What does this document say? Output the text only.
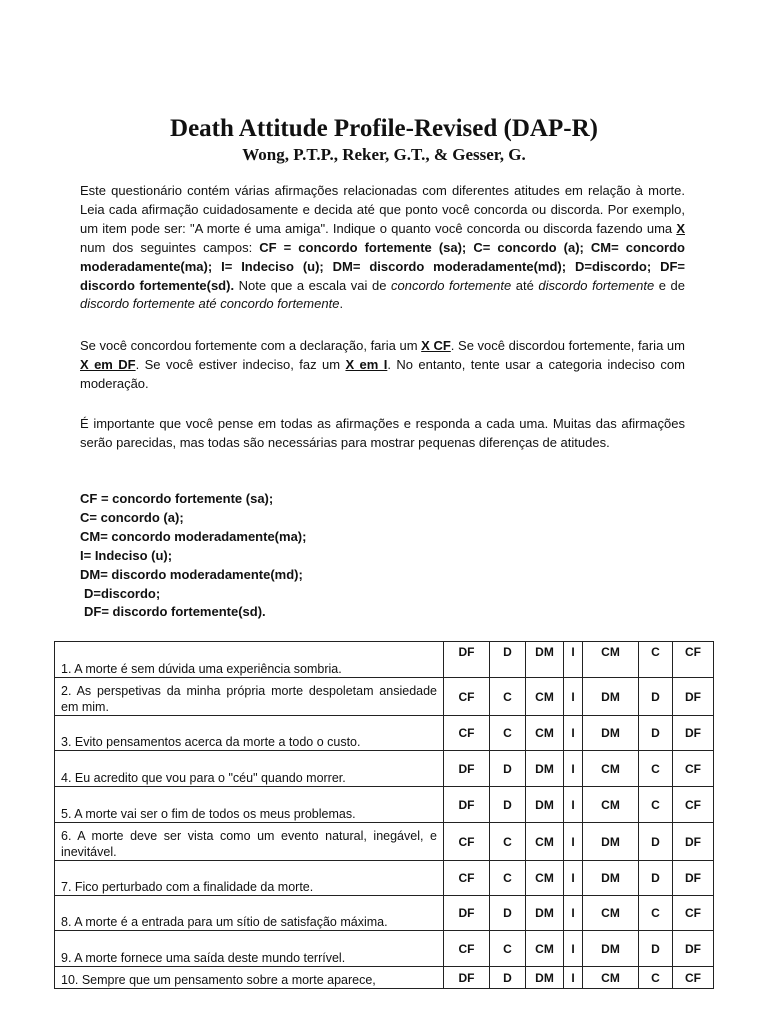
Death Attitude Profile-Revised (DAP-R)
Wong, P.T.P., Reker, G.T., & Gesser, G.
Este questionário contém várias afirmações relacionadas com diferentes atitudes em relação à morte. Leia cada afirmação cuidadosamente e decida até que ponto você concorda ou discorda. Por exemplo, um item pode ser: "A morte é uma amiga". Indique o quanto você concorda ou discorda fazendo uma X num dos seguintes campos: CF = concordo fortemente (sa); C= concordo (a); CM= concordo moderadamente(ma); I= Indeciso (u); DM= discordo moderadamente(md); D=discordo; DF= discordo fortemente(sd). Note que a escala vai de concordo fortemente até discordo fortemente e de discordo fortemente até concordo fortemente.
Se você concordou fortemente com a declaração, faria um X CF. Se você discordou fortemente, faria um X em DF. Se você estiver indeciso, faz um X em I. No entanto, tente usar a categoria indeciso com moderação.
É importante que você pense em todas as afirmações e responda a cada uma. Muitas das afirmações serão parecidas, mas todas são necessárias para mostrar pequenas diferenças de atitudes.
CF = concordo fortemente (sa);
C= concordo (a);
CM= concordo moderadamente(ma);
I= Indeciso (u);
DM= discordo moderadamente(md);
D=discordo;
DF= discordo fortemente(sd).
1. A morte é sem dúvida uma experiência sombria.	DF	D	DM	I	CM	C	CF
2. As perspetivas da minha própria morte despoletam ansiedade em mim.	CF	C	CM	I	DM	D	DF
3. Evito pensamentos acerca da morte a todo o custo.	CF	C	CM	I	DM	D	DF
4. Eu acredito que vou para o "céu" quando morrer.	DF	D	DM	I	CM	C	CF
5. A morte vai ser o fim de todos os meus problemas.	DF	D	DM	I	CM	C	CF
6. A morte deve ser vista como um evento natural, inegável, e inevitável.	CF	C	CM	I	DM	D	DF
7. Fico perturbado com a finalidade da morte.	CF	C	CM	I	DM	D	DF
8. A morte é a entrada para um sítio de satisfação máxima.	DF	D	DM	I	CM	C	CF
9. A morte fornece uma saída deste mundo terrível.	CF	C	CM	I	DM	D	DF
10. Sempre que um pensamento sobre a morte aparece,	DF	D	DM	I	CM	C	CF
